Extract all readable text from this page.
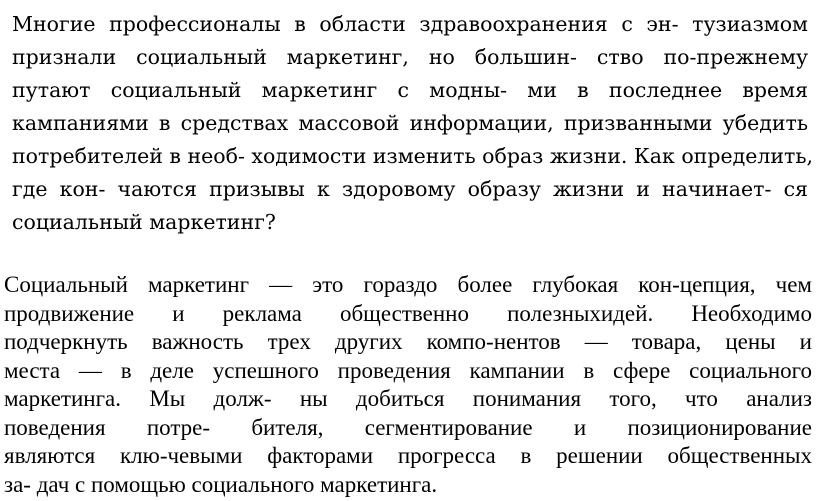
Многие профессионалы в области здравоохранения с эн- тузиазмом
признали социальный маркетинг, но большин- ство по-прежнему
путают социальный маркетинг с модны- ми в последнее время
кампаниями в средствах массовой информации, призванными убедить
потребителей в необ- ходимости изменить образ жизни. Как определить,
где кон- чаются призывы к здоровому образу жизни и начинает- ся
социальный маркетинг?
Социальный маркетинг — это гораздо более глубокая кон-цепция, чем
продвижение и реклама общественно полезныхидей. Необходимо
подчеркнуть важность трех других компо-нентов — товара, цены и
места — в деле успешного проведения кампании в сфере социального
маркетинга. Мы долж- ны добиться понимания того, что анализ
поведения потре- бителя, сегментирование и позиционирование
являются клю-чевыми факторами прогресса в решении общественных
за- дач с помощью социального маркетинга.
